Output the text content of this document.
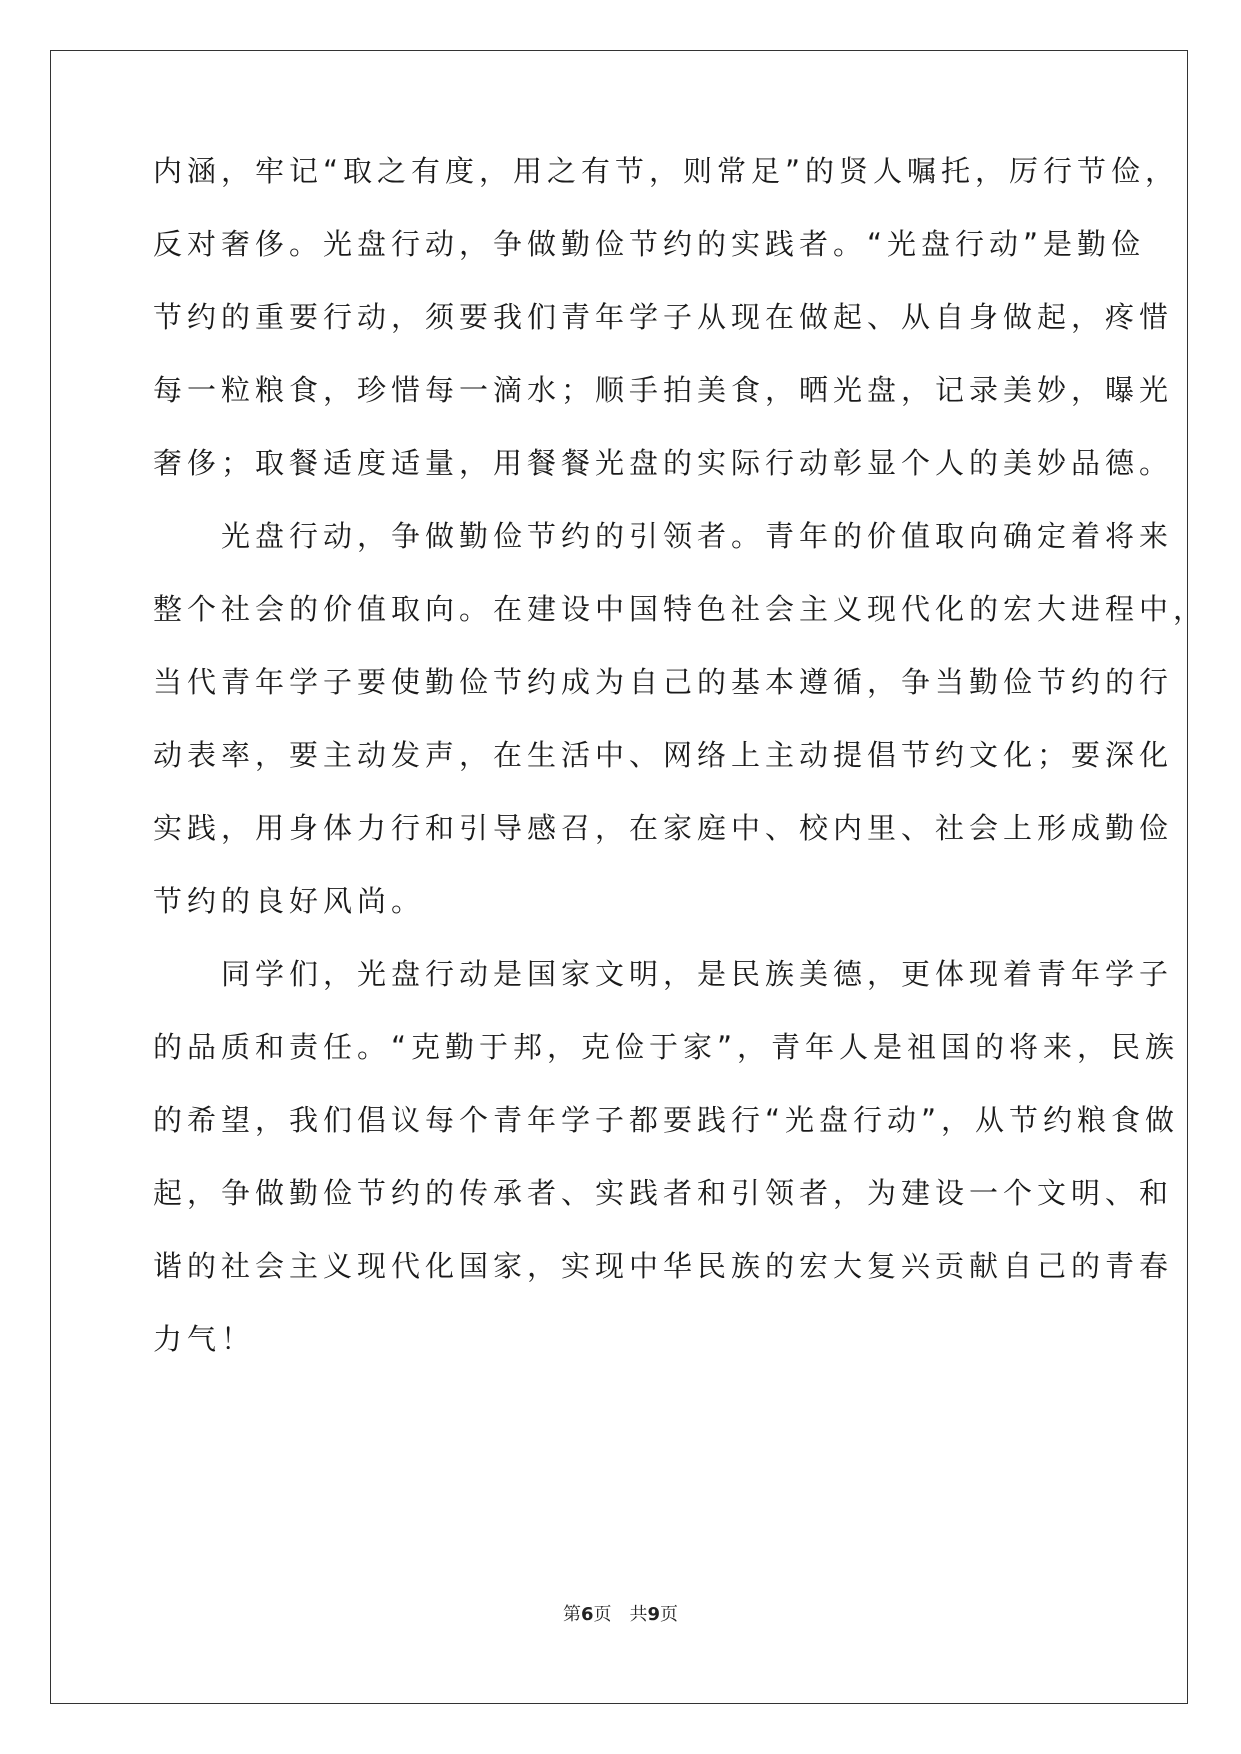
内涵，牢记“取之有度，用之有节，则常足”的贤人嘱托，厉行节俭，
反对奢侈。光盘行动，争做勤俭节约的实践者。“光盘行动”是勤俭
节约的重要行动，须要我们青年学子从现在做起、从自身做起，疼惜
每一粒粮食，珍惜每一滴水；顺手拍美食，晒光盘，记录美妙，曝光
奢侈；取餐适度适量，用餐餐光盘的实际行动彰显个人的美妙品德。
　　光盘行动，争做勤俭节约的引领者。青年的价值取向确定着将来
整个社会的价值取向。在建设中国特色社会主义现代化的宏大进程中，
当代青年学子要使勤俭节约成为自己的基本遵循，争当勤俭节约的行
动表率，要主动发声，在生活中、网络上主动提倡节约文化；要深化
实践，用身体力行和引导感召，在家庭中、校内里、社会上形成勤俭
节约的良好风尚。
　　同学们，光盘行动是国家文明，是民族美德，更体现着青年学子
的品质和责任。“克勤于邦，克俭于家”，青年人是祖国的将来，民族
的希望，我们倡议每个青年学子都要践行“光盘行动”，从节约粮食做
起，争做勤俭节约的传承者、实践者和引领者，为建设一个文明、和
谐的社会主义现代化国家，实现中华民族的宏大复兴贡献自己的青春
力气！
第6页　共9页
